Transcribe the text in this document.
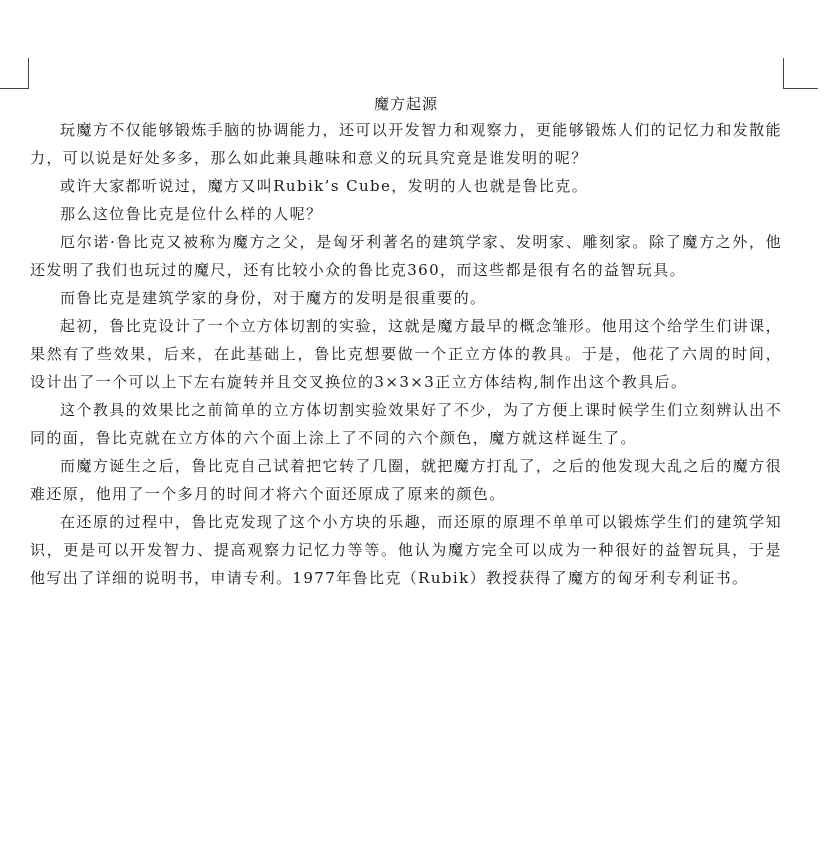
魔方起源

玩魔方不仅能够锻炼手脑的协调能力，还可以开发智力和观察力，更能够锻炼人们的记忆力和发散能力，可以说是好处多多，那么如此兼具趣味和意义的玩具究竟是谁发明的呢？

或许大家都听说过，魔方又叫Rubik’s Cube，发明的人也就是鲁比克。

那么这位鲁比克是位什么样的人呢？

厄尔诺·鲁比克又被称为魔方之父，是匈牙利著名的建筑学家、发明家、雕刻家。除了魔方之外，他还发明了我们也玩过的魔尺，还有比较小众的鲁比克360，而这些都是很有名的益智玩具。

而鲁比克是建筑学家的身份，对于魔方的发明是很重要的。

起初，鲁比克设计了一个立方体切割的实验，这就是魔方最早的概念雏形。他用这个给学生们讲课，果然有了些效果，后来，在此基础上，鲁比克想要做一个正立方体的教具。于是，他花了六周的时间，设计出了一个可以上下左右旋转并且交叉换位的3×3×3正立方体结构,制作出这个教具后。

这个教具的效果比之前简单的立方体切割实验效果好了不少，为了方便上课时候学生们立刻辨认出不同的面，鲁比克就在立方体的六个面上涂上了不同的六个颜色，魔方就这样诞生了。

而魔方诞生之后，鲁比克自己试着把它转了几圈，就把魔方打乱了，之后的他发现大乱之后的魔方很难还原，他用了一个多月的时间才将六个面还原成了原来的颜色。

在还原的过程中，鲁比克发现了这个小方块的乐趣，而还原的原理不单单可以锻炼学生们的建筑学知识，更是可以开发智力、提高观察力记忆力等等。他认为魔方完全可以成为一种很好的益智玩具，于是他写出了详细的说明书，申请专利。1977年鲁比克（Rubik）教授获得了魔方的匈牙利专利证书。
